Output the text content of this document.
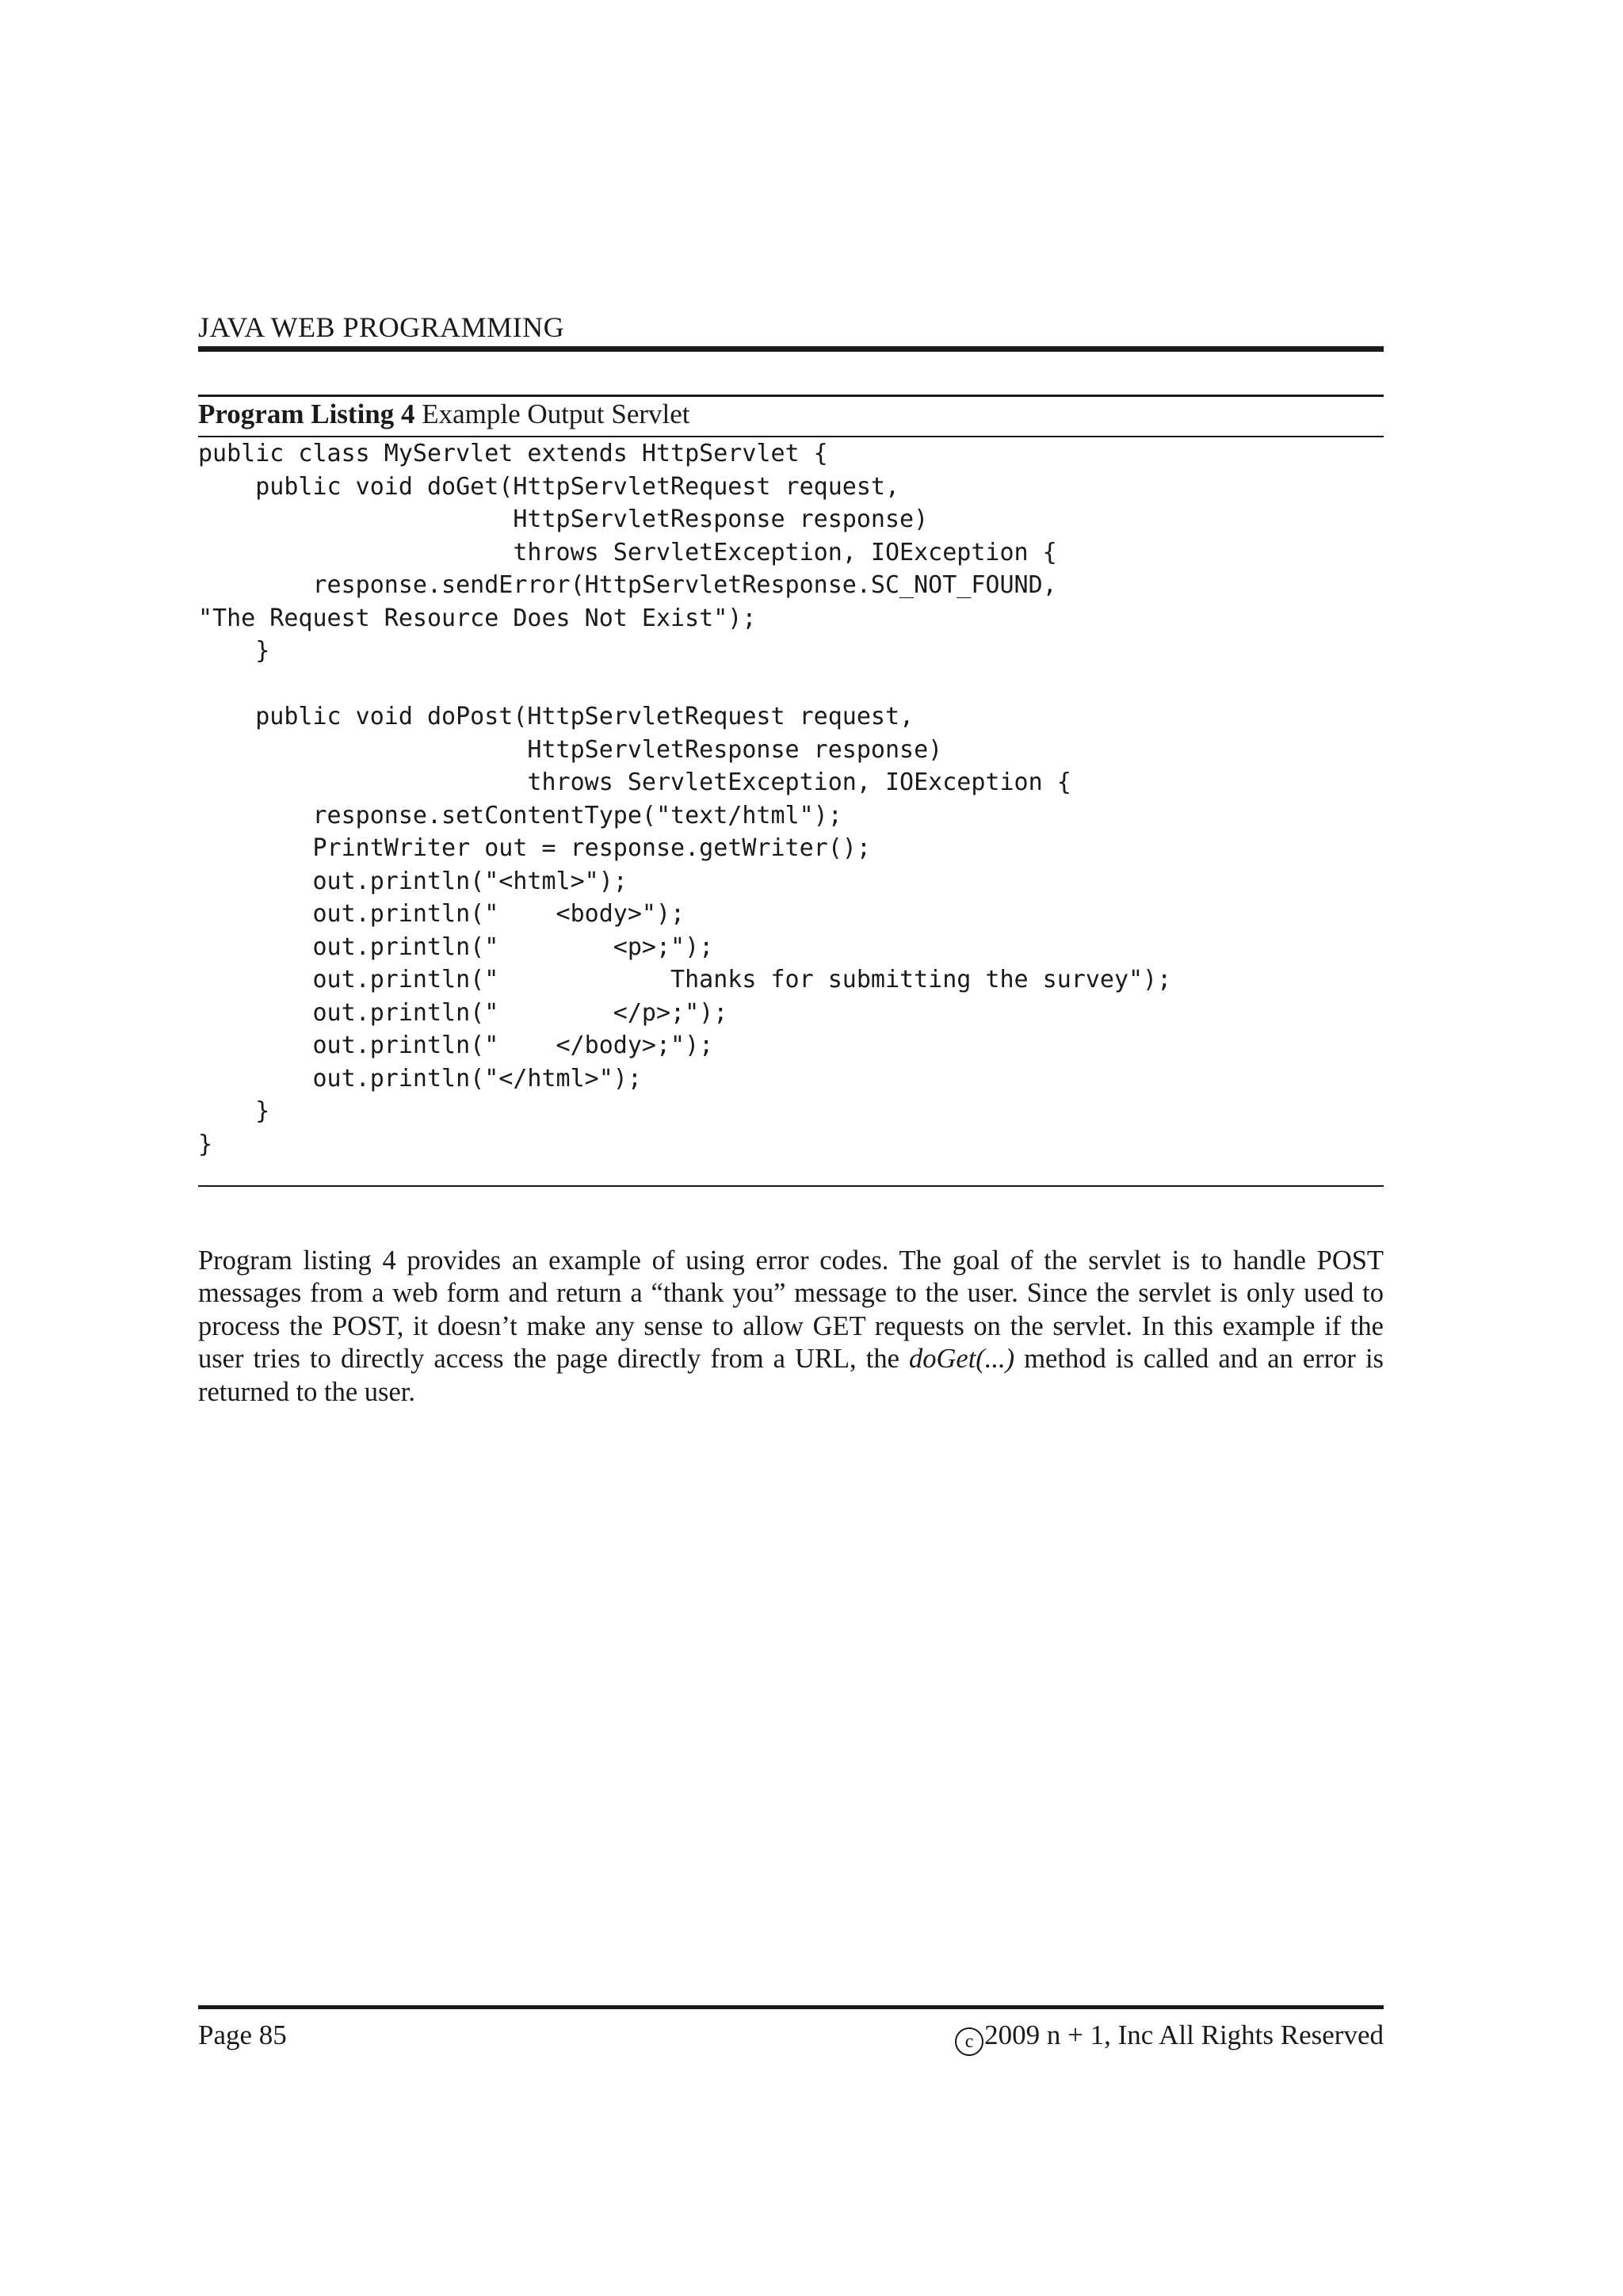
JAVA WEB PROGRAMMING
Program Listing 4 Example Output Servlet
public class MyServlet extends HttpServlet {
public void doGet(HttpServletRequest request,
HttpServletResponse response)
throws ServletException, IOException {
response.sendError(HttpServletResponse.SC_NOT_FOUND,
"The Request Resource Does Not Exist");
}
public void doPost(HttpServletRequest request,
HttpServletResponse response)
throws ServletException, IOException {
response.setContentType("text/html");
PrintWriter out = response.getWriter();
out.println("<html>");
out.println("    <body>");
out.println("        <p>;");
out.println("            Thanks for submitting the survey");
out.println("        </p>;");
out.println("    </body>;");
out.println("</html>");
}
}

Program listing 4 provides an example of using error codes. The goal of the servlet is to handle POST messages from a web form and return a “thank you” message to the user. Since the servlet is only used to process the POST, it doesn’t make any sense to allow GET requests on the servlet. In this example if the user tries to directly access the page directly from a URL, the doGet(...) method is called and an error is returned to the user.

Page 85	c 2009 n + 1, Inc All Rights Reserved
